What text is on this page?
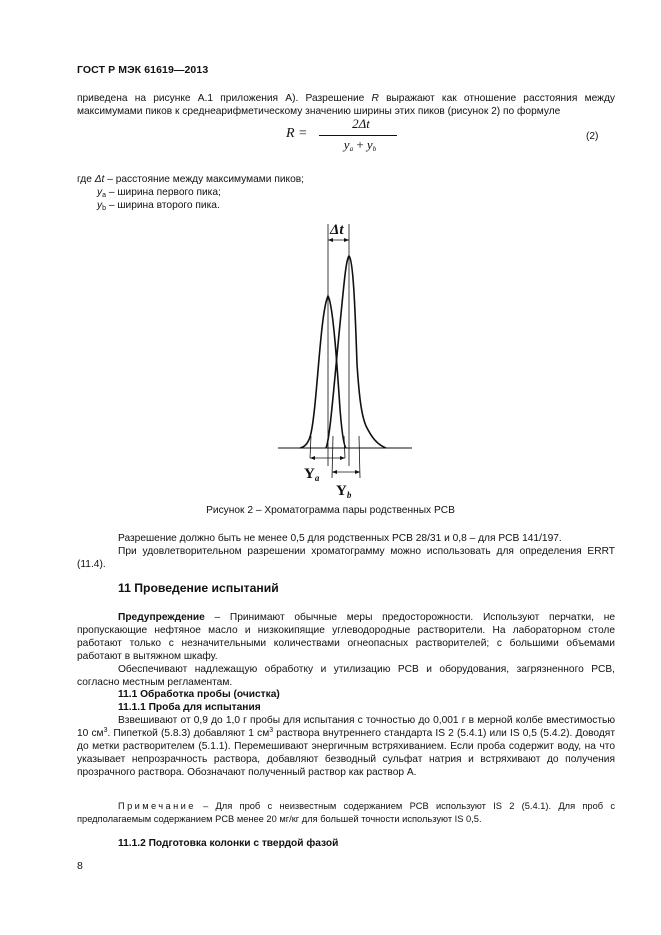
ГОСТ Р МЭК 61619—2013
приведена на рисунке А.1 приложения А). Разрешение R выражают как отношение расстояния между максимумами пиков к среднеарифметическому значению ширины этих пиков (рисунок 2) по формуле
R =
2Δt
$y_a + y_b$
(2)
где Δt – расстояние между максимумами пиков;
$y_a$ – ширина первого пика;
$y_b$ – ширина второго пика.
Δt
$Y_a$
$Y_b$
Рисунок 2 – Хроматограмма пары родственных PCB
Разрешение должно быть не менее 0,5 для родственных PCB 28/31 и 0,8 – для PCB 141/197.
При удовлетворительном разрешении хроматограмму можно использовать для определения ERRT (11.4).
11 Проведение испытаний
Предупреждение – Принимают обычные меры предосторожности. Используют перчатки, не пропускающие нефтяное масло и низкокипящие углеводородные растворители. На лабораторном столе работают только с незначительными количествами огнеопасных растворителей; с большими объемами работают в вытяжном шкафу.
Обеспечивают надлежащую обработку и утилизацию PCB и оборудования, загрязненного PCB, согласно местным регламентам.
11.1 Обработка пробы (очистка)
11.1.1 Проба для испытания
Взвешивают от 0,9 до 1,0 г пробы для испытания с точностью до 0,001 г в мерной колбе вместимостью 10 $см^3$. Пипеткой (5.8.3) добавляют 1 $см^3$ раствора внутреннего стандарта IS 2 (5.4.1) или IS 0,5 (5.4.2). Доводят до метки растворителем (5.1.1). Перемешивают энергичным встряхиванием. Если проба содержит воду, на что указывает непрозрачность раствора, добавляют безводный сульфат натрия и встряхивают до получения прозрачного раствора. Обозначают полученный раствор как раствор А.
Примечание – Для проб с неизвестным содержанием PCB используют IS 2 (5.4.1). Для проб с предполагаемым содержанием PCB менее 20 мг/кг для большей точности используют IS 0,5.
11.1.2 Подготовка колонки с твердой фазой
8
